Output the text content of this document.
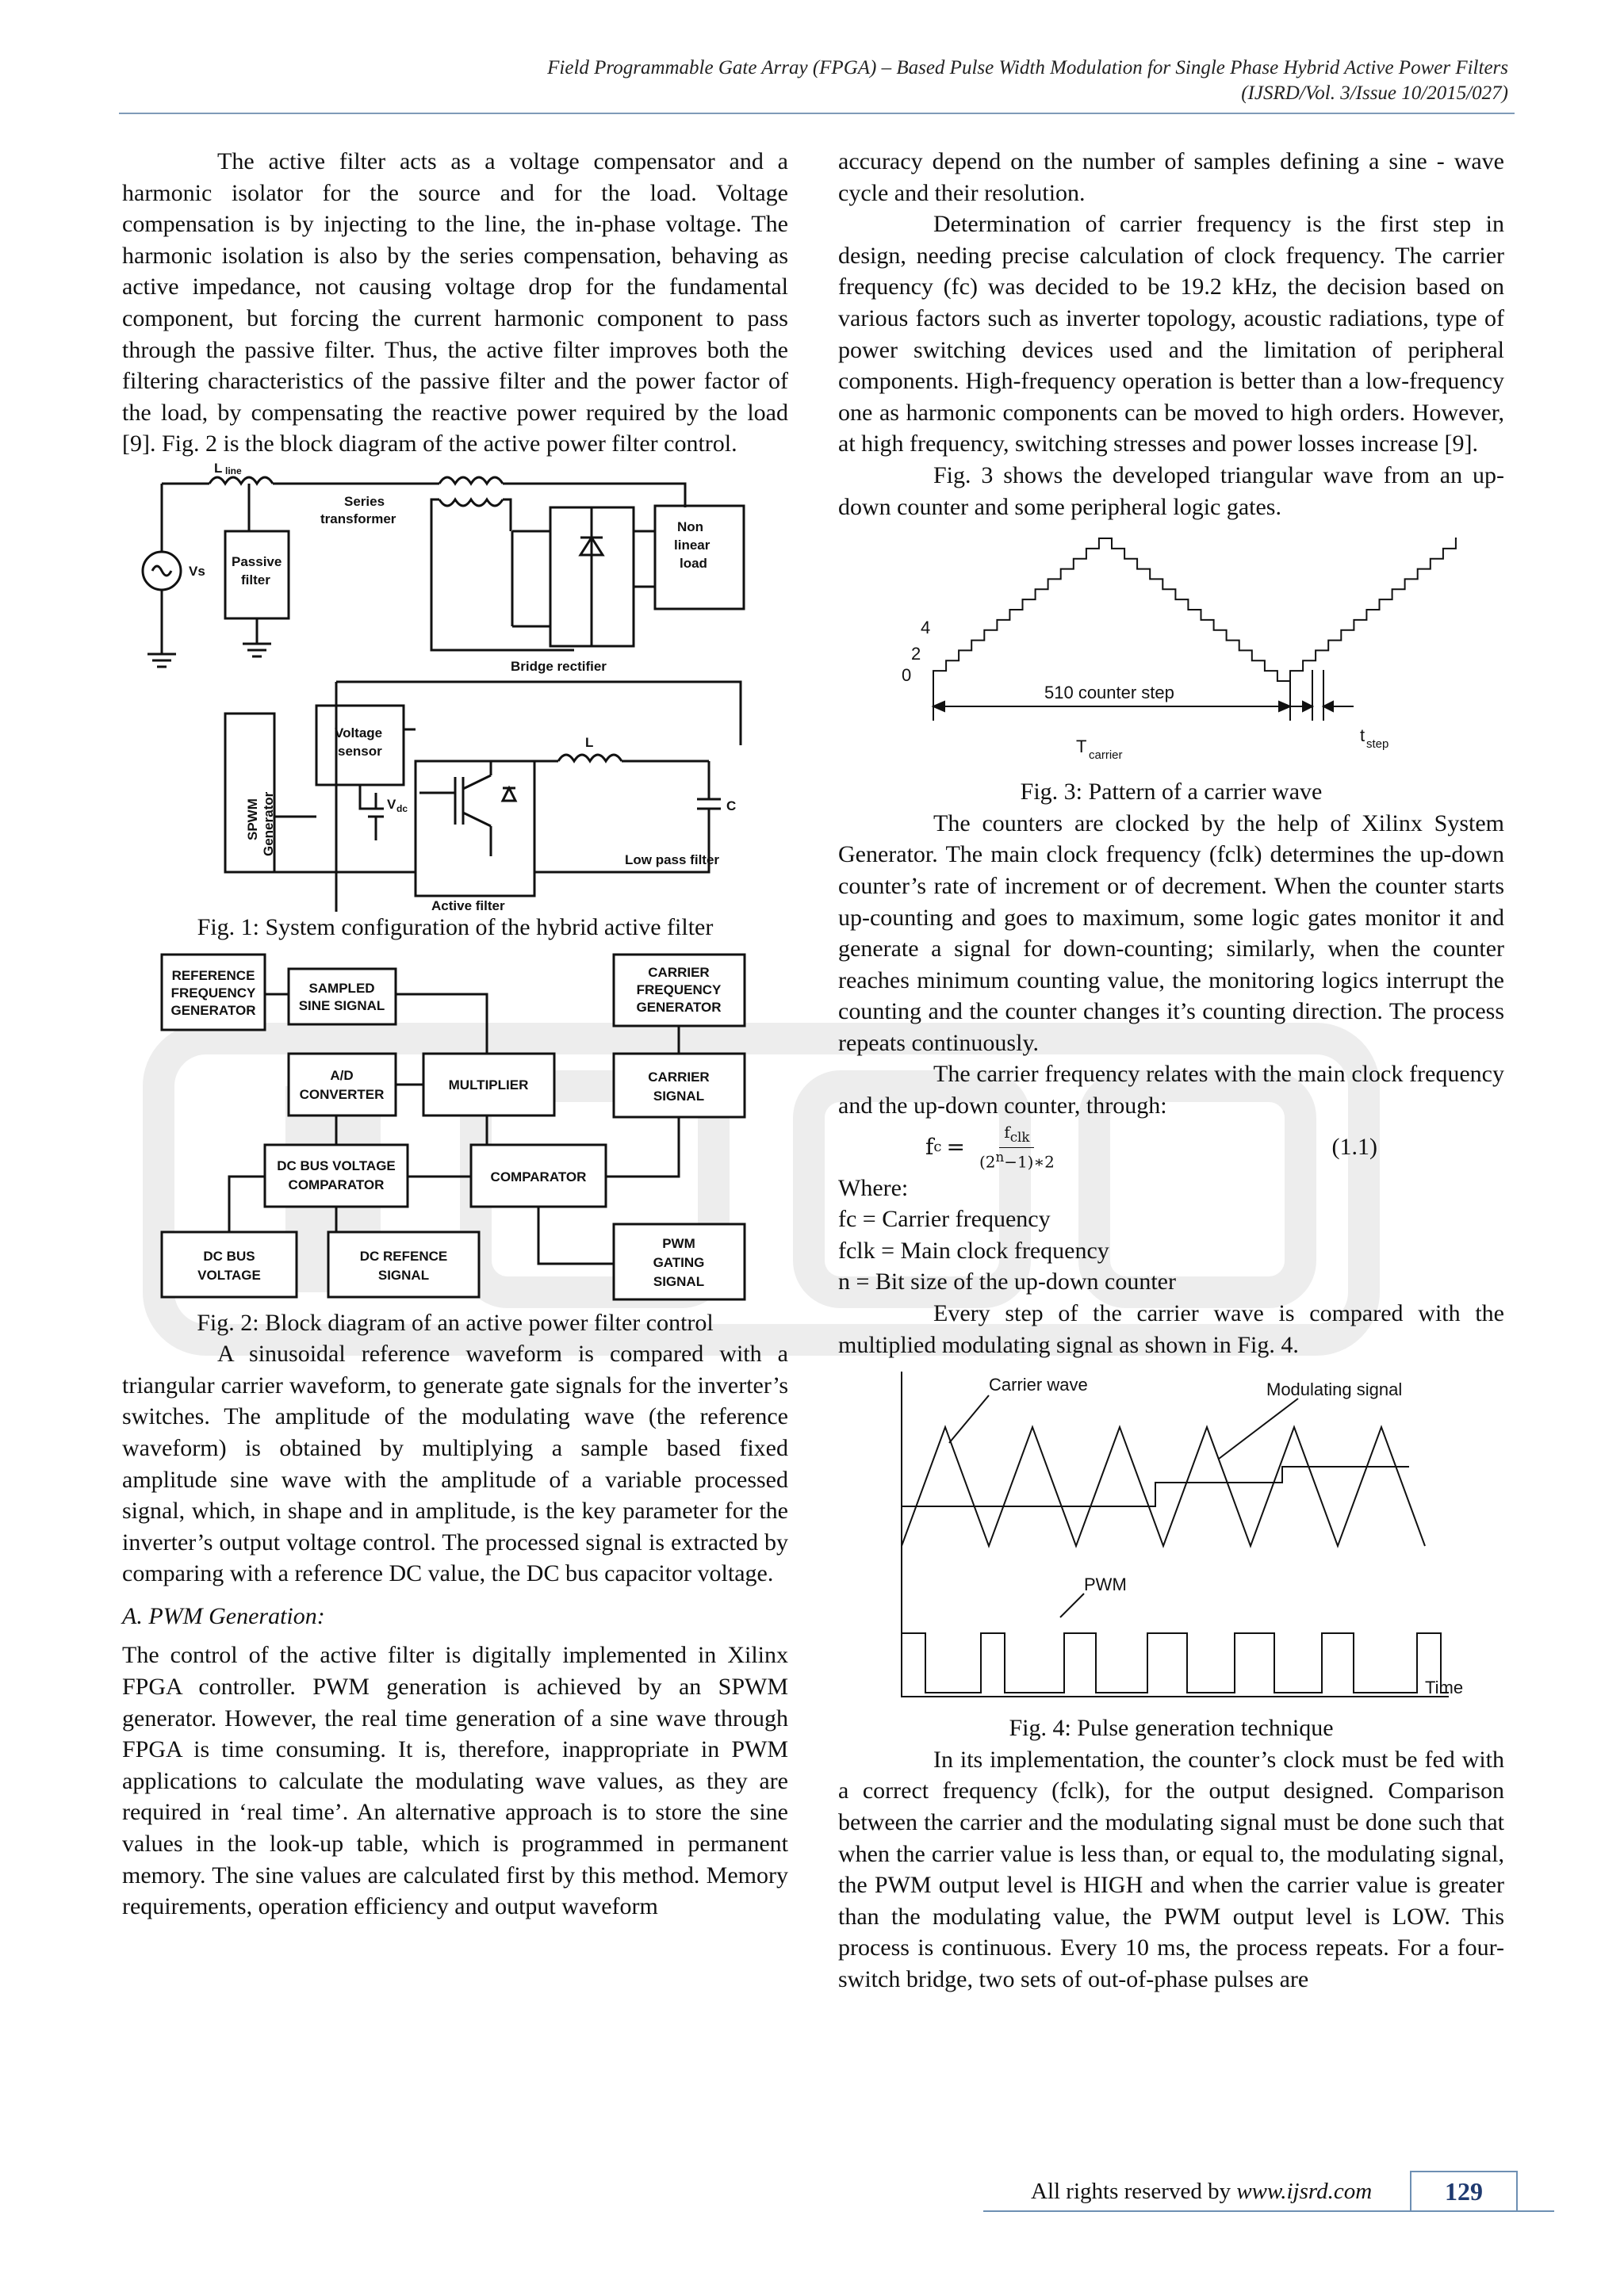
Field Programmable Gate Array (FPGA) – Based Pulse Width Modulation for Single Phase Hybrid Active Power Filters
(IJSRD/Vol. 3/Issue 10/2015/027)

The active filter acts as a voltage compensator and a harmonic isolator for the source and for the load. Voltage compensation is by injecting to the line, the in-phase voltage. The harmonic isolation is also by the series compensation, behaving as active impedance, not causing voltage drop for the fundamental component, but forcing the current harmonic component to pass through the passive filter. Thus, the active filter improves both the filtering characteristics of the passive filter and the power factor of the load, by compensating the reactive power required by the load [9]. Fig. 2 is the block diagram of the active power filter control.

L line
Series
transformer
Non
linear
load
Vs
Passive
filter
Bridge rectifier
SPWM Generator
Voltage
sensor
V dc
L
C
Low pass filter
Active filter

Fig. 1: System configuration of the hybrid active filter

REFERENCE
FREQUENCY
GENERATOR
SAMPLED
SINE SIGNAL
CARRIER
FREQUENCY
GENERATOR
A/D
CONVERTER
MULTIPLIER
CARRIER
SIGNAL
DC BUS VOLTAGE
COMPARATOR
COMPARATOR
DC BUS
VOLTAGE
DC REFENCE
SIGNAL
PWM
GATING
SIGNAL

Fig. 2: Block diagram of an active power filter control

A sinusoidal reference waveform is compared with a triangular carrier waveform, to generate gate signals for the inverter’s switches. The amplitude of the modulating wave (the reference waveform) is obtained by multiplying a sample based fixed amplitude sine wave with the amplitude of a variable processed signal, which, in shape and in amplitude, is the key parameter for the inverter’s output voltage control. The processed signal is extracted by comparing with a reference DC value, the DC bus capacitor voltage.

A. PWM Generation:

The control of the active filter is digitally implemented in Xilinx FPGA controller. PWM generation is achieved by an SPWM generator. However, the real time generation of a sine wave through FPGA is time consuming. It is, therefore, inappropriate in PWM applications to calculate the modulating wave values, as they are required in ‘real time’. An alternative approach is to store the sine values in the look-up table, which is programmed in permanent memory. The sine values are calculated first by this method. Memory requirements, operation efficiency and output waveform

accuracy depend on the number of samples defining a sine - wave cycle and their resolution.

Determination of carrier frequency is the first step in design, needing precise calculation of clock frequency. The carrier frequency (fc) was decided to be 19.2 kHz, the decision based on various factors such as inverter topology, acoustic radiations, type of power switching devices used and the limitation of peripheral components. High-frequency operation is better than a low-frequency one as harmonic components can be moved to high orders. However, at high frequency, switching stresses and power losses increase [9].

Fig. 3 shows the developed triangular wave from an up-down counter and some peripheral logic gates.

0
2
4
510 counter step
T carrier
t step

Fig. 3: Pattern of a carrier wave

The counters are clocked by the help of Xilinx System Generator. The main clock frequency (fclk) determines the up-down counter’s rate of increment or of decrement. When the counter starts up-counting and goes to maximum, some logic gates monitor it and generate a signal for down-counting; similarly, when the counter reaches minimum counting value, the monitoring logics interrupt the counting and the counter changes it’s counting direction. The process repeats continuously.

The carrier frequency relates with the main clock frequency and the up-down counter, through:

f $c = \frac{f_{clk}}{(2^n-1)∗2}$	(1.1)

Where:

fc = Carrier frequency

fclk = Main clock frequency

n = Bit size of the up-down counter

Every step of the carrier wave is compared with the multiplied modulating signal as shown in Fig. 4.

Carrier wave	Modulating signal
PWM
Time

Fig. 4: Pulse generation technique

In its implementation, the counter’s clock must be fed with a correct frequency (fclk), for the output designed. Comparison between the carrier and the modulating signal must be done such that when the carrier value is less than, or equal to, the modulating signal, the PWM output level is HIGH and when the carrier value is greater than the modulating value, the PWM output level is LOW. This process is continuous. Every 10 ms, the process repeats. For a four-switch bridge, two sets of out-of-phase pulses are

All rights reserved by www.ijsrd.com	129
